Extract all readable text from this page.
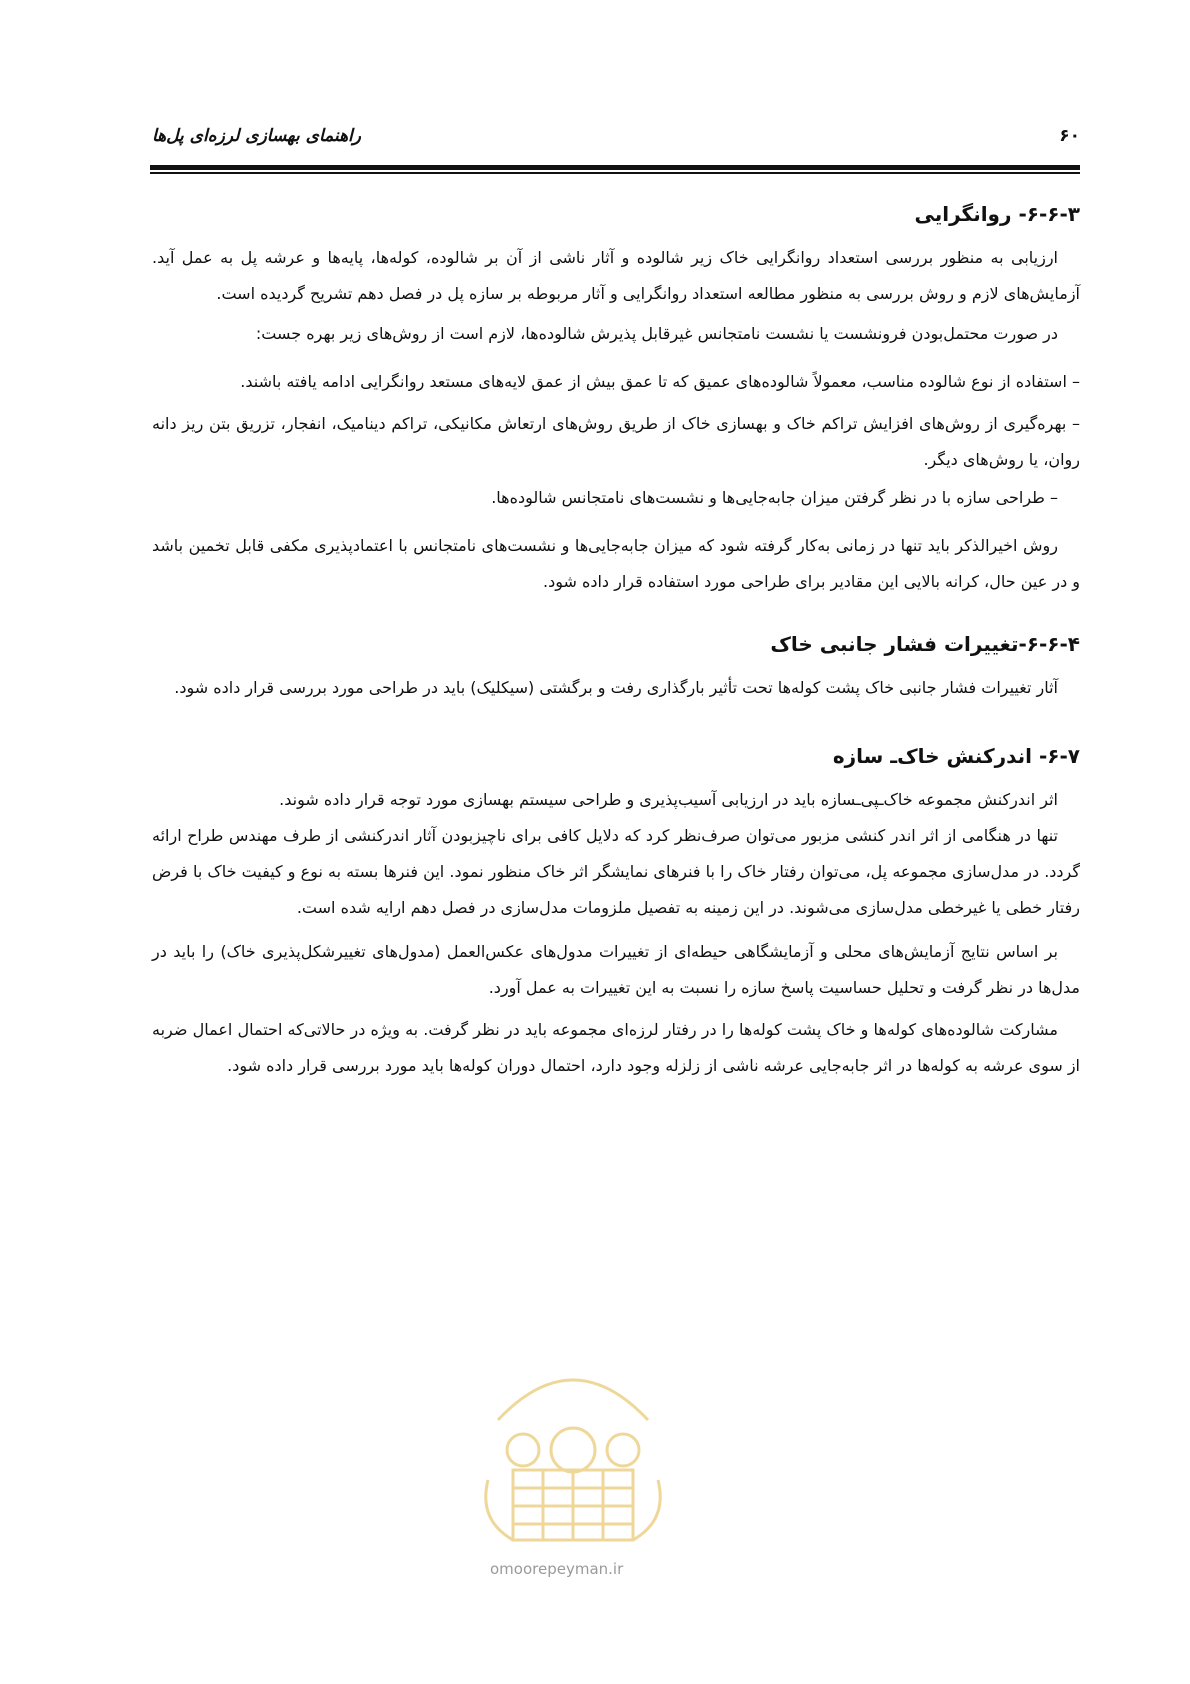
راهنمای بهسازی لرزه‌ای پل‌ها	۶۰
۶-۶-۳- روانگرایی

ارزیابی به منظور بررسی استعداد روانگرایی خاک زیر شالوده و آثار ناشی از آن بر شالوده، کوله‌ها، پایه‌ها و عرشه پل به عمل آید. آزمایش‌های لازم و روش بررسی به منظور مطالعه استعداد روانگرایی و آثار مربوطه بر سازه پل در فصل دهم تشریح گردیده است.

در صورت محتمل‌بودن فرونشست یا نشست نامتجانس غیرقابل پذیرش شالوده‌ها، لازم است از روش‌های زیر بهره جست:

– استفاده از نوع شالوده مناسب، معمولاً شالوده‌های عمیق که تا عمق بیش از عمق لایه‌های مستعد روانگرایی ادامه یافته باشند.

– بهره‌گیری از روش‌های افزایش تراکم خاک و بهسازی خاک از طریق روش‌های ارتعاش مکانیکی، تراکم دینامیک، انفجار، تزریق بتن ریز دانه روان، یا روش‌های دیگر.

– طراحی سازه با در نظر گرفتن میزان جابه‌جایی‌ها و نشست‌های نامتجانس شالوده‌ها.

روش اخیرالذکر باید تنها در زمانی به‌کار گرفته شود که میزان جابه‌جایی‌ها و نشست‌های نامتجانس با اعتمادپذیری مکفی قابل تخمین باشد و در عین حال، کرانه بالایی این مقادیر برای طراحی مورد استفاده قرار داده شود.

۶-۶-۴-تغییرات فشار جانبی خاک

آثار تغییرات فشار جانبی خاک پشت کوله‌ها تحت تأثیر بارگذاری رفت و برگشتی (سیکلیک) باید در طراحی مورد بررسی قرار داده شود.

۶-۷- اندرکنش خاک‌ـ سازه

اثر اندرکنش مجموعه خاک‌ـپی‌ـسازه باید در ارزیابی آسیب‌پذیری و طراحی سیستم بهسازی مورد توجه قرار داده شوند.

تنها در هنگامی از اثر اندر کنشی مزبور می‌توان صرف‌نظر کرد که دلایل کافی برای ناچیزبودن آثار اندرکنشی از طرف مهندس طراح ارائه گردد. در مدل‌سازی مجموعه پل، می‌توان رفتار خاک را با فنرهای نمایشگر اثر خاک منظور نمود. این فنرها بسته به نوع و کیفیت خاک با فرض رفتار خطی یا غیرخطی مدل‌سازی می‌شوند. در این زمینه به تفصیل ملزومات مدل‌سازی در فصل دهم ارایه شده است.

بر اساس نتایج آزمایش‌های محلی و آزمایشگاهی حیطه‌ای از تغییرات مدول‌های عکس‌العمل (مدول‌های تغییرشکل‌پذیری خاک) را باید در مدل‌ها در نظر گرفت و تحلیل حساسیت پاسخ سازه را نسبت به این تغییرات به عمل آورد.

مشارکت شالوده‌های کوله‌ها و خاک پشت کوله‌ها را در رفتار لرزه‌ای مجموعه باید در نظر گرفت. به ویژه در حالاتی‌که احتمال اعمال ضربه از سوی عرشه به کوله‌ها در اثر جابه‌جایی عرشه ناشی از زلزله وجود دارد، احتمال دوران کوله‌ها باید مورد بررسی قرار داده شود.

omoorepeyman.ir
